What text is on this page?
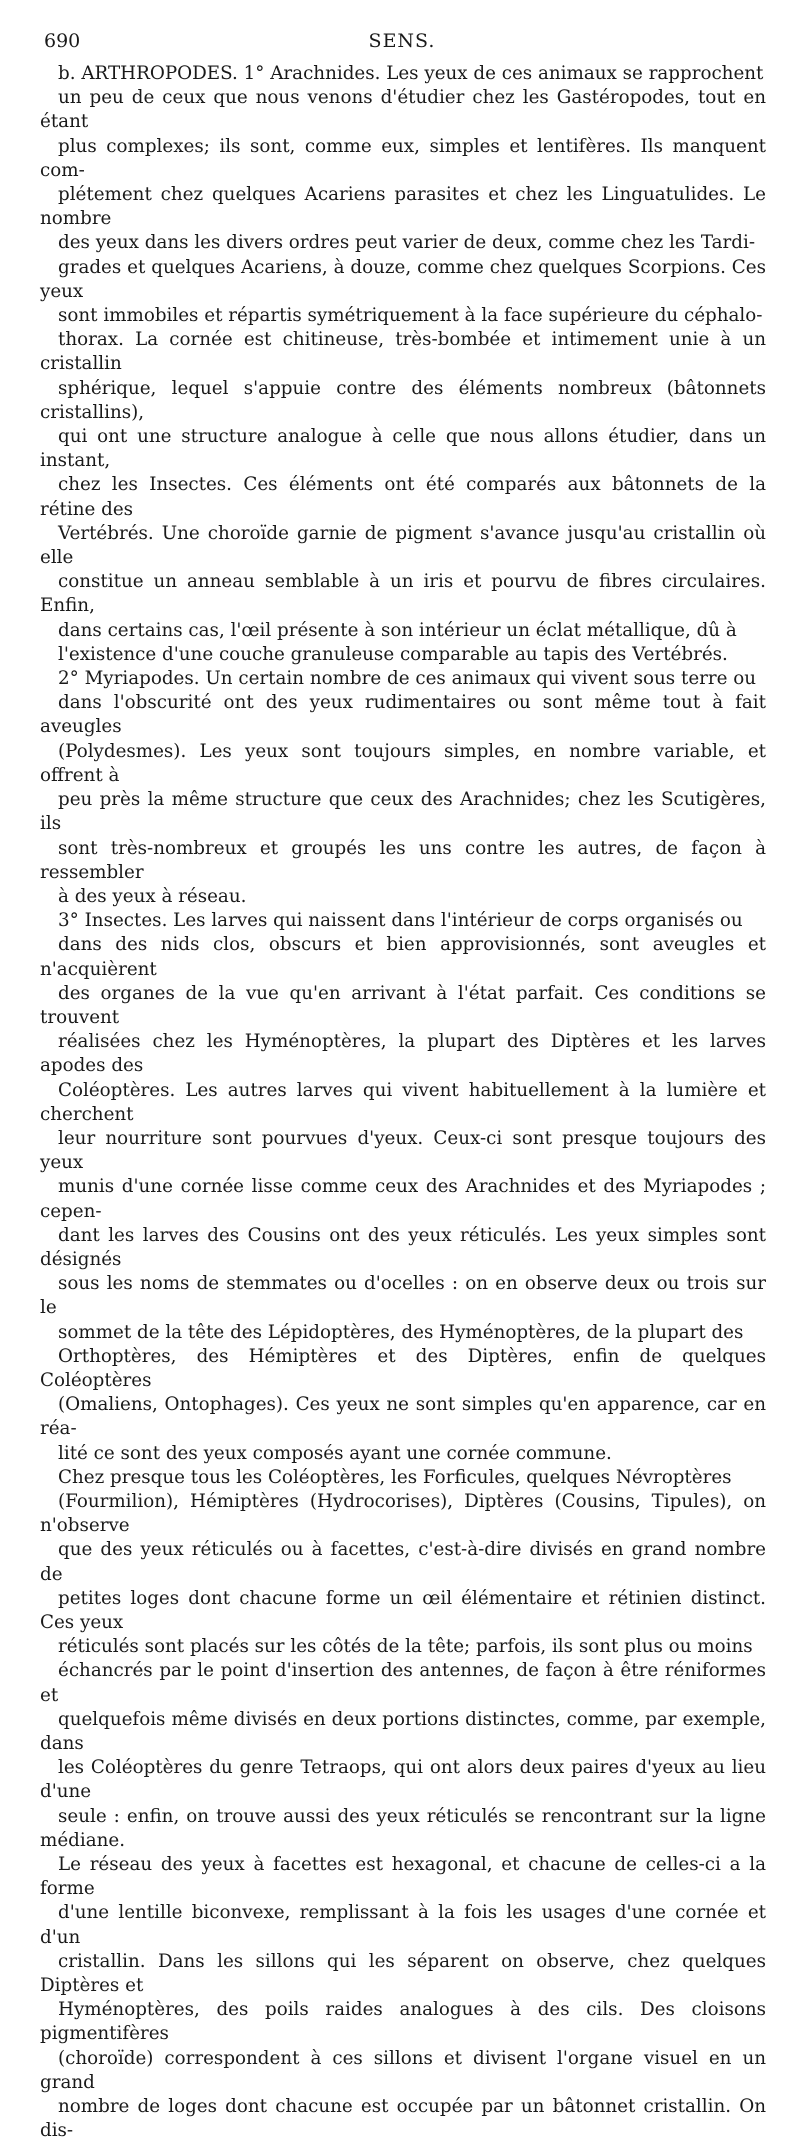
690	SENS.
b. ARTHROPODES. 1° Arachnides. Les yeux de ces animaux se rapprochent
un peu de ceux que nous venons d'étudier chez les Gastéropodes, tout en étant
plus complexes; ils sont, comme eux, simples et lentifères. Ils manquent com-
plétement chez quelques Acariens parasites et chez les Linguatulides. Le nombre
des yeux dans les divers ordres peut varier de deux, comme chez les Tardi-
grades et quelques Acariens, à douze, comme chez quelques Scorpions. Ces yeux
sont immobiles et répartis symétriquement à la face supérieure du céphalo-
thorax. La cornée est chitineuse, très-bombée et intimement unie à un cristallin
sphérique, lequel s'appuie contre des éléments nombreux (bâtonnets cristallins),
qui ont une structure analogue à celle que nous allons étudier, dans un instant,
chez les Insectes. Ces éléments ont été comparés aux bâtonnets de la rétine des
Vertébrés. Une choroïde garnie de pigment s'avance jusqu'au cristallin où elle
constitue un anneau semblable à un iris et pourvu de fibres circulaires. Enfin,
dans certains cas, l'œil présente à son intérieur un éclat métallique, dû à
l'existence d'une couche granuleuse comparable au tapis des Vertébrés.
2° Myriapodes. Un certain nombre de ces animaux qui vivent sous terre ou
dans l'obscurité ont des yeux rudimentaires ou sont même tout à fait aveugles
(Polydesmes). Les yeux sont toujours simples, en nombre variable, et offrent à
peu près la même structure que ceux des Arachnides; chez les Scutigères, ils
sont très-nombreux et groupés les uns contre les autres, de façon à ressembler
à des yeux à réseau.
3° Insectes. Les larves qui naissent dans l'intérieur de corps organisés ou
dans des nids clos, obscurs et bien approvisionnés, sont aveugles et n'acquièrent
des organes de la vue qu'en arrivant à l'état parfait. Ces conditions se trouvent
réalisées chez les Hyménoptères, la plupart des Diptères et les larves apodes des
Coléoptères. Les autres larves qui vivent habituellement à la lumière et cherchent
leur nourriture sont pourvues d'yeux. Ceux-ci sont presque toujours des yeux
munis d'une cornée lisse comme ceux des Arachnides et des Myriapodes ; cepen-
dant les larves des Cousins ont des yeux réticulés. Les yeux simples sont désignés
sous les noms de stemmates ou d'ocelles : on en observe deux ou trois sur le
sommet de la tête des Lépidoptères, des Hyménoptères, de la plupart des
Orthoptères, des Hémiptères et des Diptères, enfin de quelques Coléoptères
(Omaliens, Ontophages). Ces yeux ne sont simples qu'en apparence, car en réa-
lité ce sont des yeux composés ayant une cornée commune.
Chez presque tous les Coléoptères, les Forficules, quelques Névroptères
(Fourmilion), Hémiptères (Hydrocorises), Diptères (Cousins, Tipules), on n'observe
que des yeux réticulés ou à facettes, c'est-à-dire divisés en grand nombre de
petites loges dont chacune forme un œil élémentaire et rétinien distinct. Ces yeux
réticulés sont placés sur les côtés de la tête; parfois, ils sont plus ou moins
échancrés par le point d'insertion des antennes, de façon à être réniformes et
quelquefois même divisés en deux portions distinctes, comme, par exemple, dans
les Coléoptères du genre Tetraops, qui ont alors deux paires d'yeux au lieu d'une
seule : enfin, on trouve aussi des yeux réticulés se rencontrant sur la ligne médiane.
Le réseau des yeux à facettes est hexagonal, et chacune de celles-ci a la forme
d'une lentille biconvexe, remplissant à la fois les usages d'une cornée et d'un
cristallin. Dans les sillons qui les séparent on observe, chez quelques Diptères et
Hyménoptères, des poils raides analogues à des cils. Des cloisons pigmentifères
(choroïde) correspondent à ces sillons et divisent l'organe visuel en un grand
nombre de loges dont chacune est occupée par un bâtonnet cristallin. On dis-
